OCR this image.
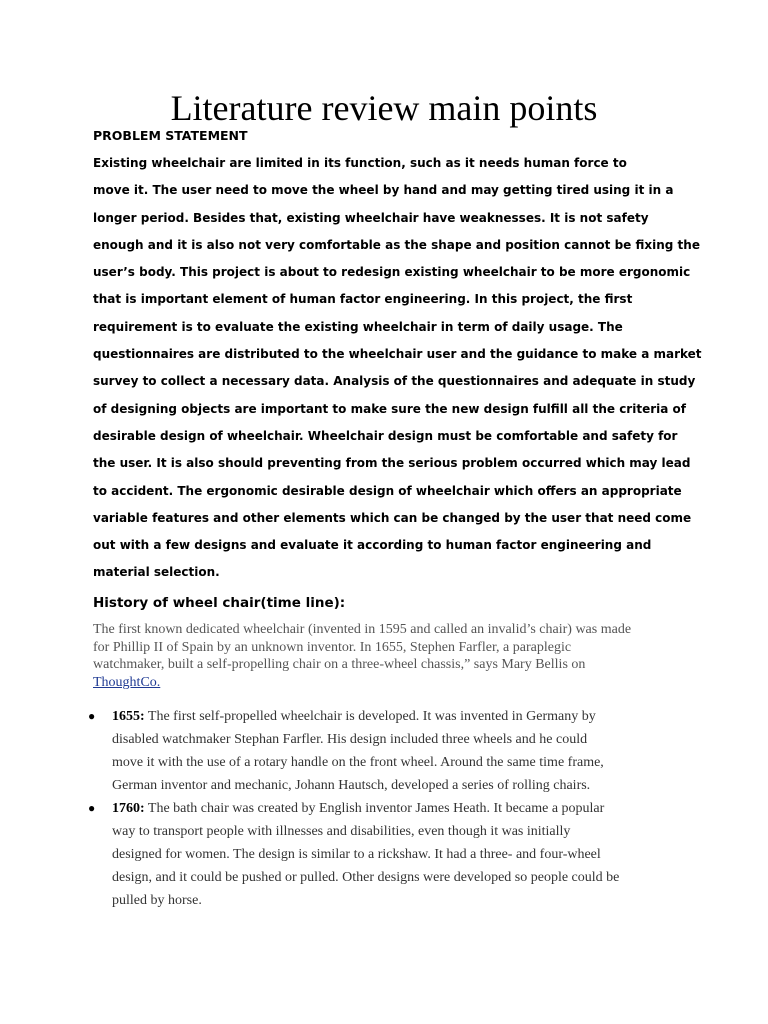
Literature review main points
PROBLEM STATEMENT
Existing wheelchair are limited in its function, such as it needs human force to
move it. The user need to move the wheel by hand and may getting tired using it in a
longer period. Besides that, existing wheelchair have weaknesses. It is not safety
enough and it is also not very comfortable as the shape and position cannot be fixing the
user’s body. This project is about to redesign existing wheelchair to be more ergonomic
that is important element of human factor engineering. In this project, the first
requirement is to evaluate the existing wheelchair in term of daily usage. The
questionnaires are distributed to the wheelchair user and the guidance to make a market
survey to collect a necessary data. Analysis of the questionnaires and adequate in study
of designing objects are important to make sure the new design fulfill all the criteria of
desirable design of wheelchair. Wheelchair design must be comfortable and safety for
the user. It is also should preventing from the serious problem occurred which may lead
to accident. The ergonomic desirable design of wheelchair which offers an appropriate
variable features and other elements which can be changed by the user that need come
out with a few designs and evaluate it according to human factor engineering and
material selection.
History of wheel chair(time line):

The first known dedicated wheelchair (invented in 1595 and called an invalid’s chair) was made
for Phillip II of Spain by an unknown inventor. In 1655, Stephen Farfler, a paraplegic
watchmaker, built a self-propelling chair on a three-wheel chassis,” says Mary Bellis on
ThoughtCo.

● 1655: The first self-propelled wheelchair is developed. It was invented in Germany by
disabled watchmaker Stephan Farfler. His design included three wheels and he could
move it with the use of a rotary handle on the front wheel. Around the same time frame,
German inventor and mechanic, Johann Hautsch, developed a series of rolling chairs.
● 1760: The bath chair was created by English inventor James Heath. It became a popular
way to transport people with illnesses and disabilities, even though it was initially
designed for women. The design is similar to a rickshaw. It had a three- and four-wheel
design, and it could be pushed or pulled. Other designs were developed so people could be
pulled by horse.
